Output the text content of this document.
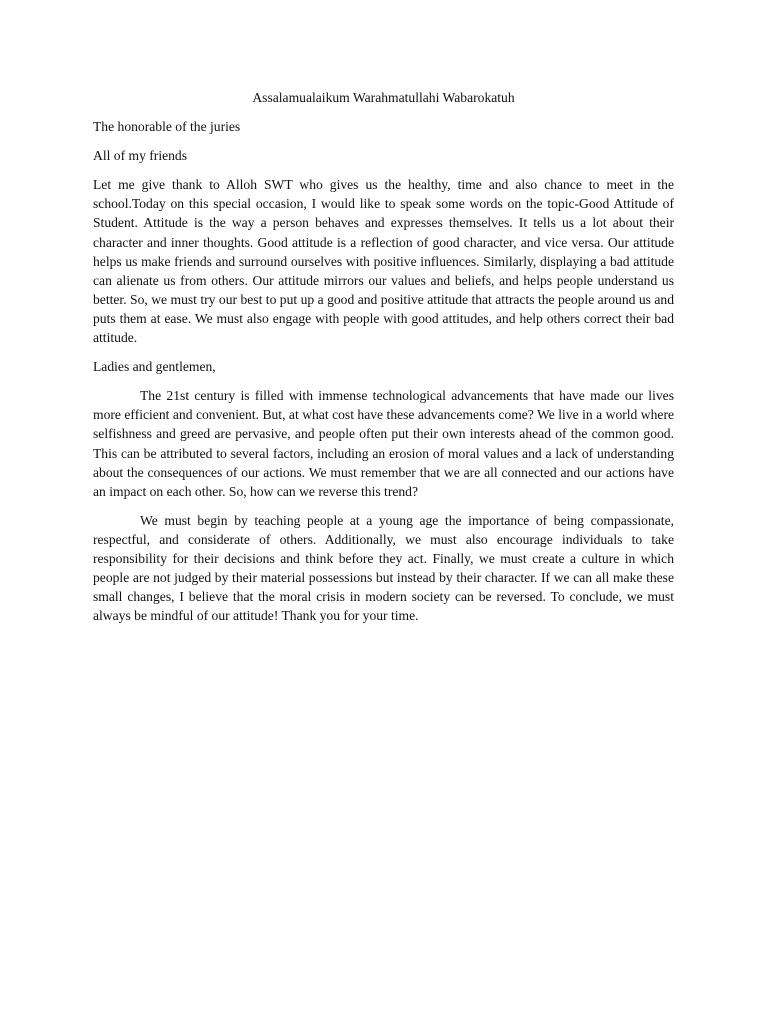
Assalamualaikum Warahmatullahi Wabarokatuh

The honorable of the juries

All of my friends

Let me give thank to Alloh SWT who gives us the healthy, time and also chance to meet in the school.Today on this special occasion, I would like to speak some words on the topic-Good Attitude of Student. Attitude is the way a person behaves and expresses themselves. It tells us a lot about their character and inner thoughts. Good attitude is a reflection of good character, and vice versa. Our attitude helps us make friends and surround ourselves with positive influences. Similarly, displaying a bad attitude can alienate us from others. Our attitude mirrors our values and beliefs, and helps people understand us better. So, we must try our best to put up a good and positive attitude that attracts the people around us and puts them at ease. We must also engage with people with good attitudes, and help others correct their bad attitude.

Ladies and gentlemen,

The 21st century is filled with immense technological advancements that have made our lives more efficient and convenient. But, at what cost have these advancements come? We live in a world where selfishness and greed are pervasive, and people often put their own interests ahead of the common good. This can be attributed to several factors, including an erosion of moral values and a lack of understanding about the consequences of our actions. We must remember that we are all connected and our actions have an impact on each other. So, how can we reverse this trend?

We must begin by teaching people at a young age the importance of being compassionate, respectful, and considerate of others. Additionally, we must also encourage individuals to take responsibility for their decisions and think before they act. Finally, we must create a culture in which people are not judged by their material possessions but instead by their character. If we can all make these small changes, I believe that the moral crisis in modern society can be reversed. To conclude, we must always be mindful of our attitude! Thank you for your time.
